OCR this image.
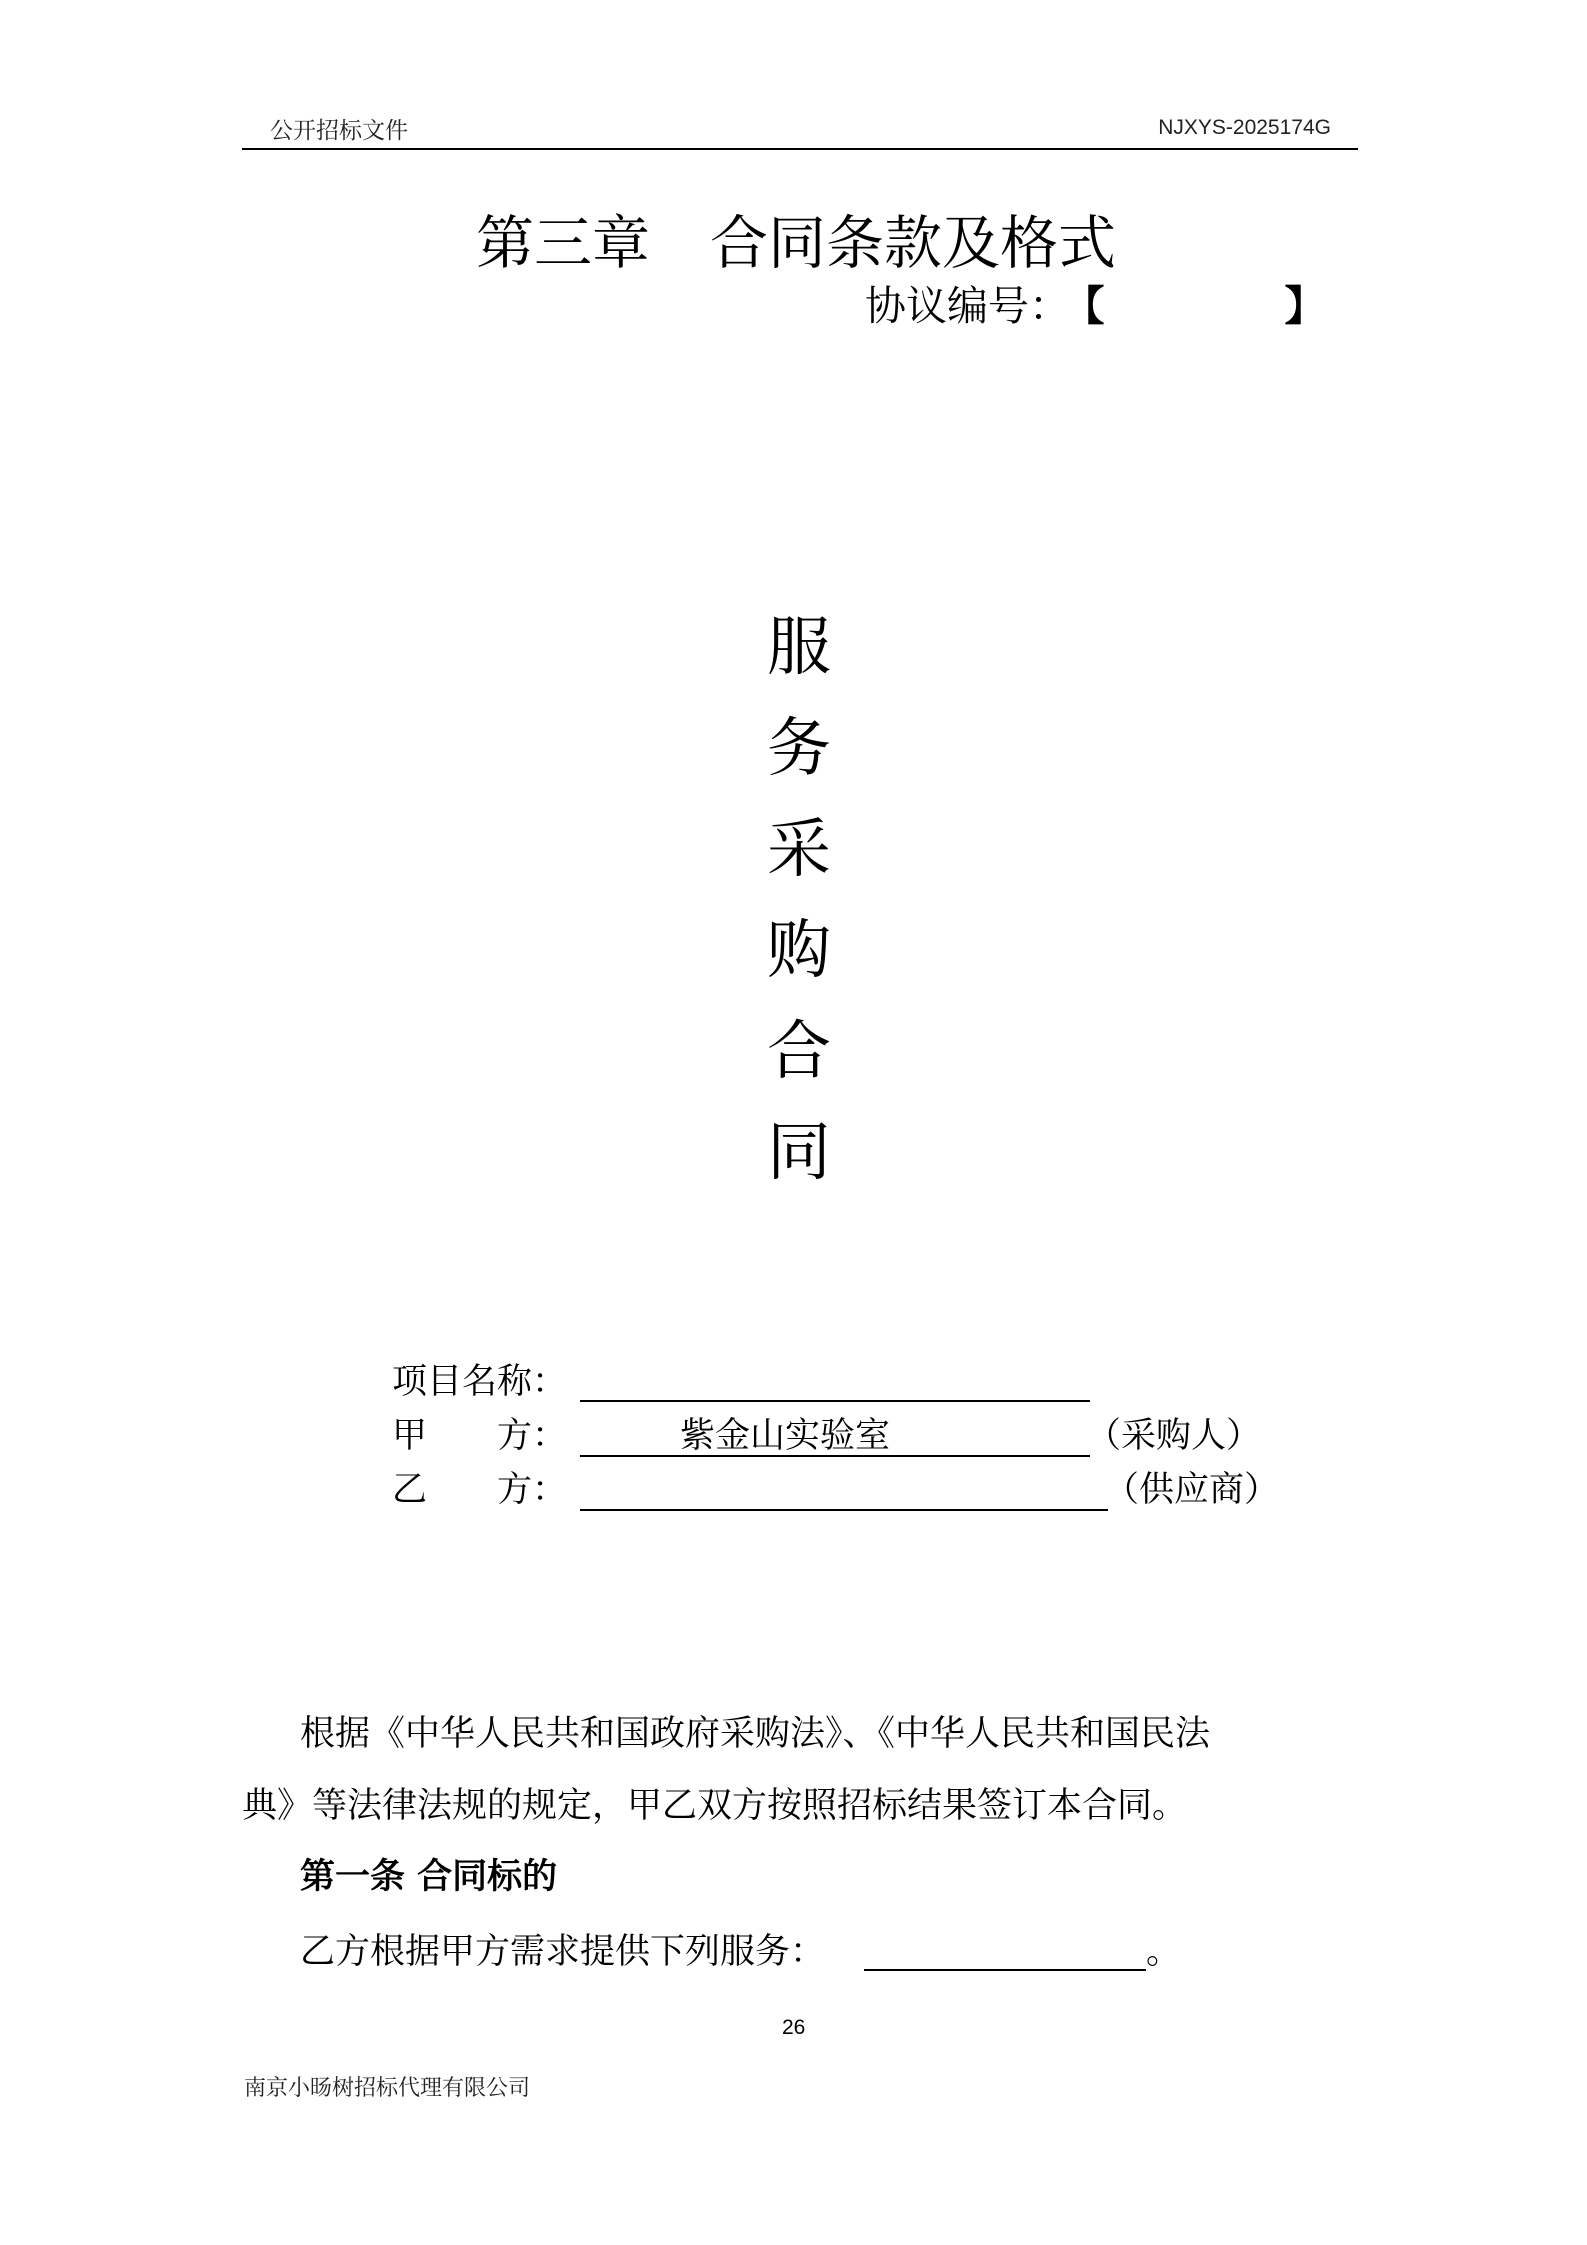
公开招标文件	NJXYS-2025174G
第三章 合同条款及格式
协议编号： 【	】
服
务
采
购
合
同
项目名称：
甲　　方：	紫金山实验室	（采购人）
乙　　方：	（供应商）
根据《中华人民共和国政府采购法》、《中华人民共和国民法
典》等法律法规的规定，甲乙双方按照招标结果签订本合同。
第一条 合同标的
乙方根据甲方需求提供下列服务：	。
26
南京小旸树招标代理有限公司
